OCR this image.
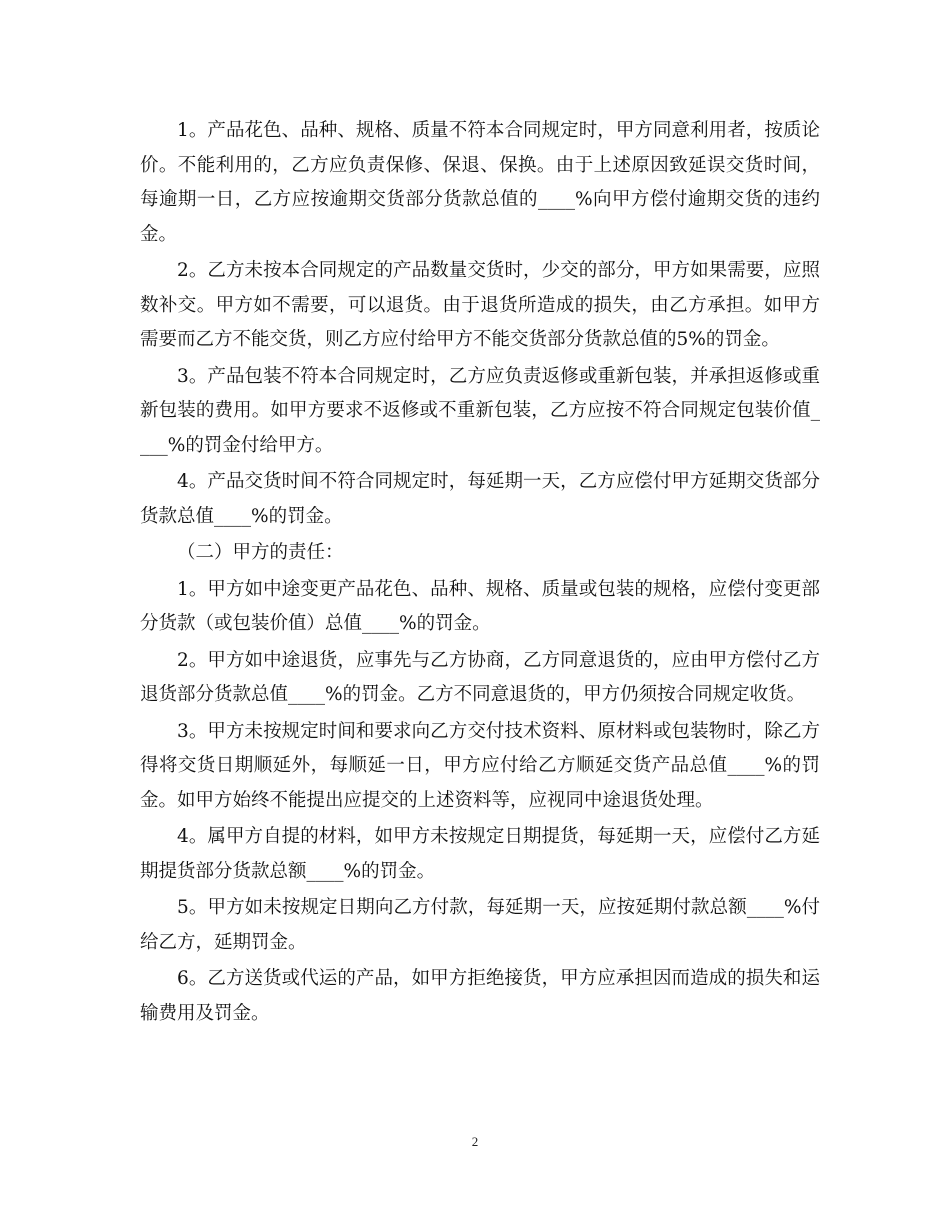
1。产品花色、品种、规格、质量不符本合同规定时，甲方同意利用者，按质论价。不能利用的，乙方应负责保修、保退、保换。由于上述原因致延误交货时间，每逾期一日，乙方应按逾期交货部分货款总值的____%向甲方偿付逾期交货的违约金。

2。乙方未按本合同规定的产品数量交货时，少交的部分，甲方如果需要，应照数补交。甲方如不需要，可以退货。由于退货所造成的损失，由乙方承担。如甲方需要而乙方不能交货，则乙方应付给甲方不能交货部分货款总值的5%的罚金。

3。产品包装不符本合同规定时，乙方应负责返修或重新包装，并承担返修或重新包装的费用。如甲方要求不返修或不重新包装，乙方应按不符合同规定包装价值____%的罚金付给甲方。

4。产品交货时间不符合同规定时，每延期一天，乙方应偿付甲方延期交货部分货款总值____%的罚金。

（二）甲方的责任：

1。甲方如中途变更产品花色、品种、规格、质量或包装的规格，应偿付变更部分货款（或包装价值）总值____%的罚金。

2。甲方如中途退货，应事先与乙方协商，乙方同意退货的，应由甲方偿付乙方退货部分货款总值____%的罚金。乙方不同意退货的，甲方仍须按合同规定收货。

3。甲方未按规定时间和要求向乙方交付技术资料、原材料或包装物时，除乙方得将交货日期顺延外，每顺延一日，甲方应付给乙方顺延交货产品总值____%的罚金。如甲方始终不能提出应提交的上述资料等，应视同中途退货处理。

4。属甲方自提的材料，如甲方未按规定日期提货，每延期一天，应偿付乙方延期提货部分货款总额____%的罚金。

5。甲方如未按规定日期向乙方付款，每延期一天，应按延期付款总额____%付给乙方，延期罚金。

6。乙方送货或代运的产品，如甲方拒绝接货，甲方应承担因而造成的损失和运输费用及罚金。

2
